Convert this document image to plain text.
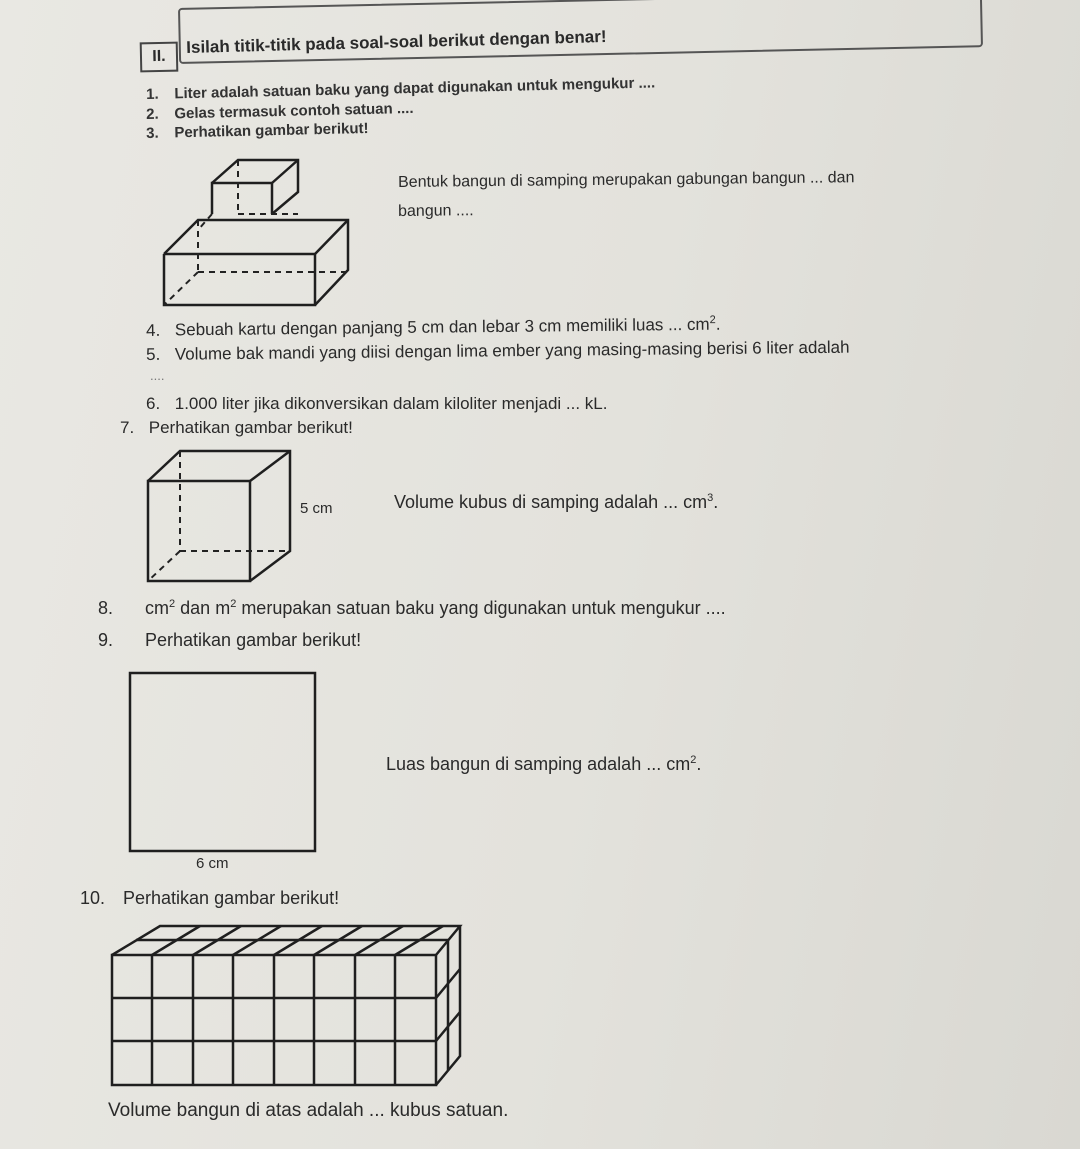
II.	Isilah titik-titik pada soal-soal berikut dengan benar!
1. Liter adalah satuan baku yang dapat digunakan untuk mengukur ....
2. Gelas termasuk contoh satuan ....
3. Perhatikan gambar berikut!
Bentuk bangun di samping merupakan gabungan bangun ... dan
bangun ....
4. Sebuah kartu dengan panjang 5 cm dan lebar 3 cm memiliki luas ... $cm^2$.
5. Volume bak mandi yang diisi dengan lima ember yang masing-masing berisi 6 liter adalah
....
6. 1.000 liter jika dikonversikan dalam kiloliter menjadi ... kL.
7. Perhatikan gambar berikut!
5 cm	Volume kubus di samping adalah ... $cm^3$.
8. $cm^2$ dan $m^2$ merupakan satuan baku yang digunakan untuk mengukur ....
9. Perhatikan gambar berikut!
6 cm
Luas bangun di samping adalah ... $cm^2$.
10. Perhatikan gambar berikut!
Volume bangun di atas adalah ... kubus satuan.
